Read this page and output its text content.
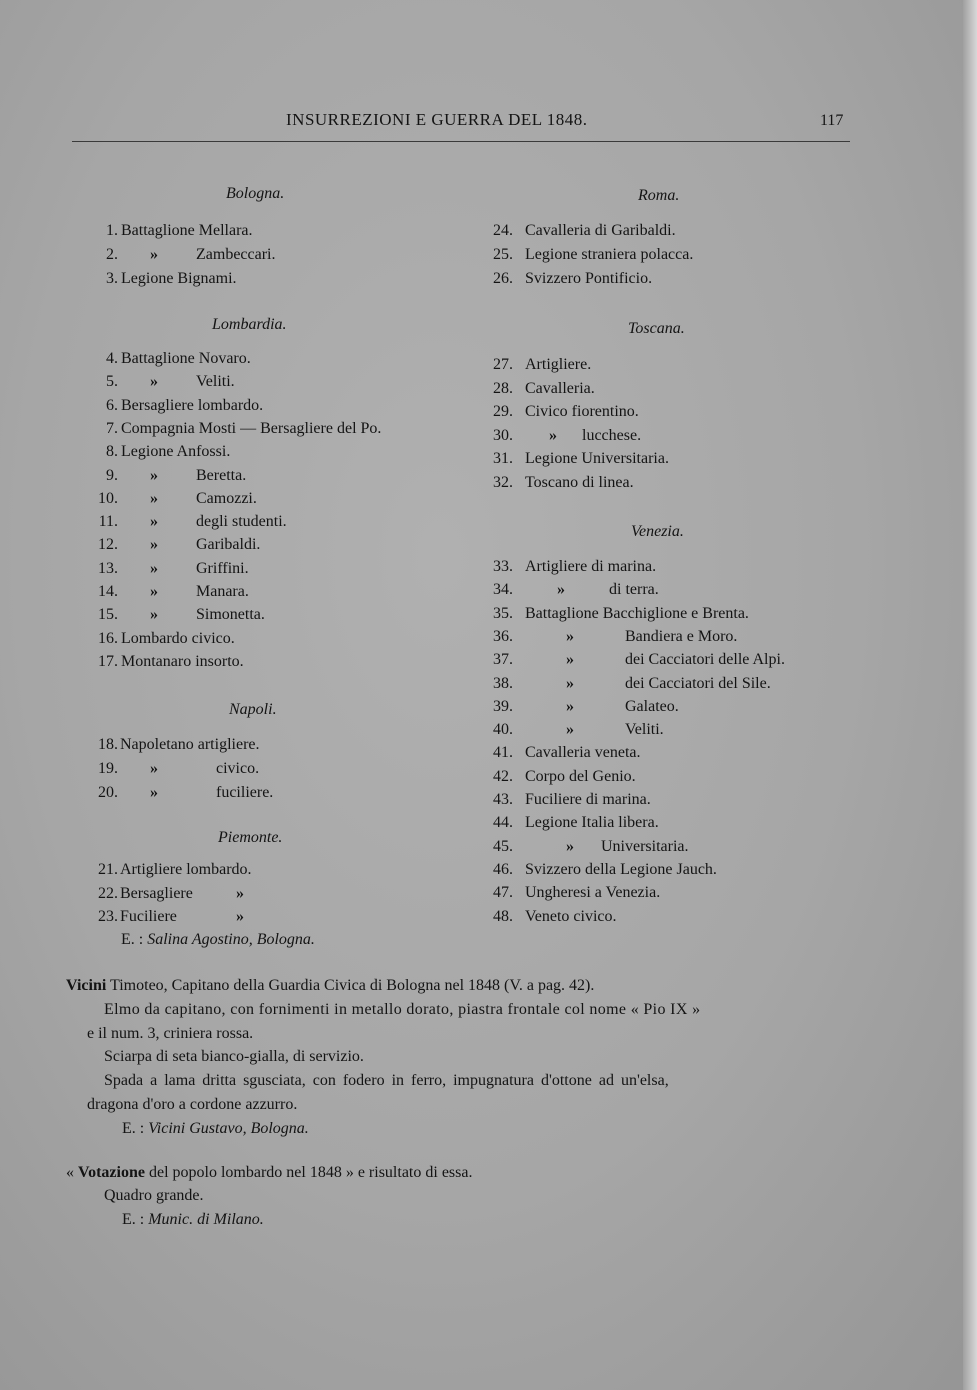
INSURREZIONI E GUERRA DEL 1848.	117
Bologna.
1. Battaglione Mellara.
2. » Zambeccari.
3. Legione Bignami.
Lombardia.
4. Battaglione Novaro.
5. » Veliti.
6. Bersagliere lombardo.
7. Compagnia Mosti — Bersagliere del Po.
8. Legione Anfossi.
9. » Beretta.
10. » Camozzi.
11. » degli studenti.
12. » Garibaldi.
13. » Griffini.
14. » Manara.
15. » Simonetta.
16. Lombardo civico.
17. Montanaro insorto.
Napoli.
18. Napoletano artigliere.
19. »	civico.
20. »	fuciliere.
Piemonte.
21. Artigliere lombardo.
22. Bersagliere	»
23. Fuciliere	»
E. : Salina Agostino, Bologna.
Roma.
24. Cavalleria di Garibaldi.
25. Legione straniera polacca.
26. Svizzero Pontificio.
Toscana.
27. Artigliere.
28. Cavalleria.
29. Civico fiorentino.
30. » lucchese.
31. Legione Universitaria.
32. Toscano di linea.
Venezia.
33. Artigliere di marina.
34.	»	di terra.
35. Battaglione Bacchiglione e Brenta.
36.	»	Bandiera e Moro.
37.	»	dei Cacciatori delle Alpi.
38.	»	dei Cacciatori del Sile.
39.	»	Galateo.
40.	»	Veliti.
41. Cavalleria veneta.
42. Corpo del Genio.
43. Fuciliere di marina.
44. Legione Italia libera.
45.	» Universitaria.
46. Svizzero della Legione Jauch.
47. Ungheresi a Venezia.
48. Veneto civico.
Vicini Timoteo, Capitano della Guardia Civica di Bologna nel 1848 (V. a pag. 42).
Elmo da capitano, con fornimenti in metallo dorato, piastra frontale col nome « Pio IX »
e il num. 3, criniera rossa.
Sciarpa di seta bianco-gialla, di servizio.
Spada a lama dritta sgusciata, con fodero in ferro, impugnatura d'ottone ad un'elsa,
dragona d'oro a cordone azzurro.
E. : Vicini Gustavo, Bologna.
« Votazione del popolo lombardo nel 1848 » e risultato di essa.
Quadro grande.
E. : Munic. di Milano.
